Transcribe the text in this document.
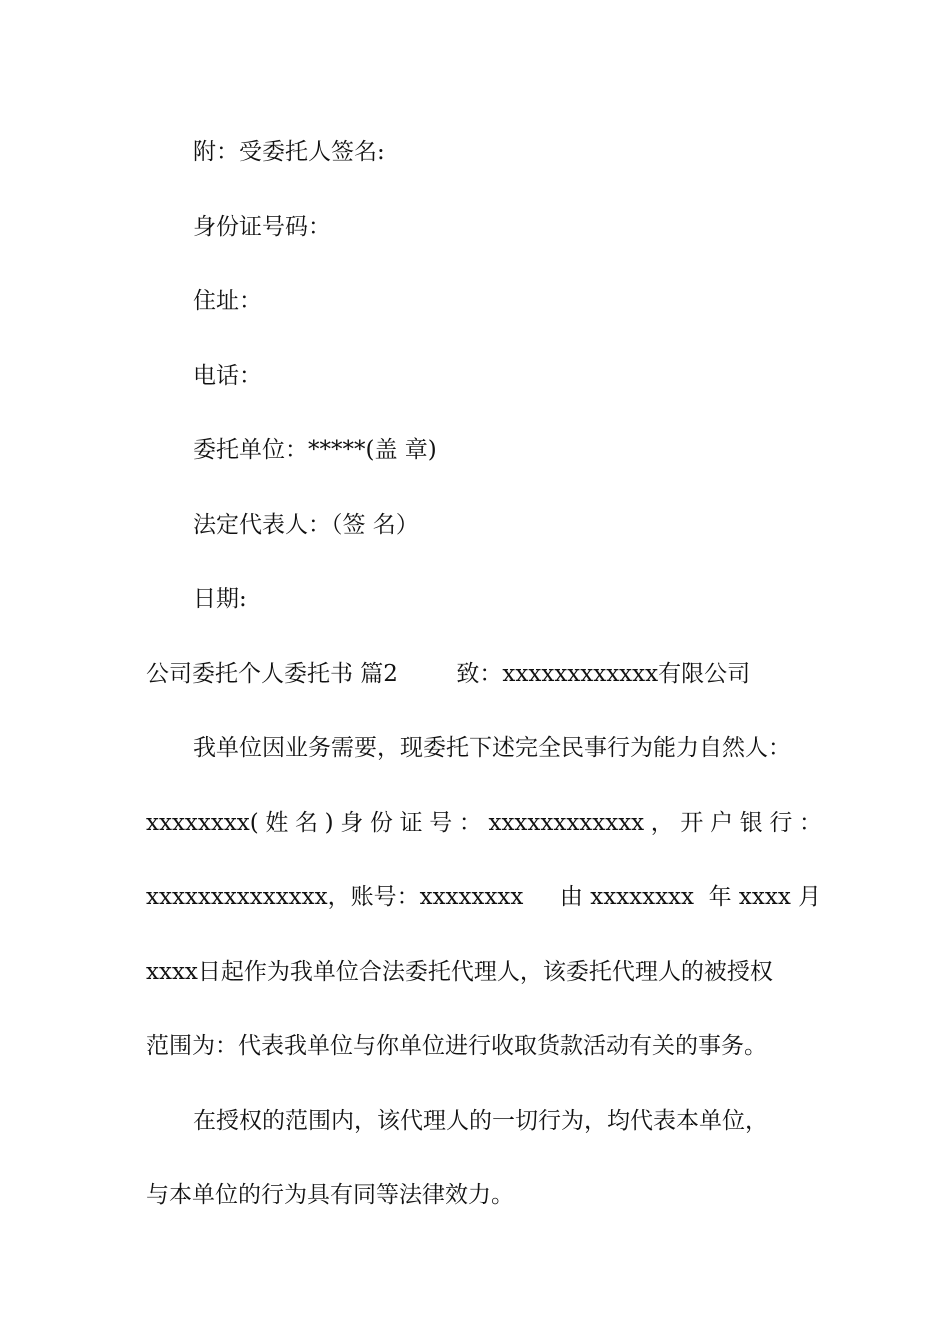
附：受委托人签名:
身份证号码：
住址：
电话：
委托单位：*****(盖 章)
法定代表人：（签 名）
日期:
公司委托个人委托书 篇2        致：xxxxxxxxxxxx有限公司
我单位因业务需要，现委托下述完全民事行为能力自然人：
xxxxxxxx(姓名)身份证号：xxxxxxxxxxxx，开户银行：
xxxxxxxxxxxxxx，账号：xxxxxxxx     由 xxxxxxxx  年 xxxx 月
xxxx日起作为我单位合法委托代理人，该委托代理人的被授权
范围为：代表我单位与你单位进行收取货款活动有关的事务。
在授权的范围内，该代理人的一切行为，均代表本单位，
与本单位的行为具有同等法律效力。
